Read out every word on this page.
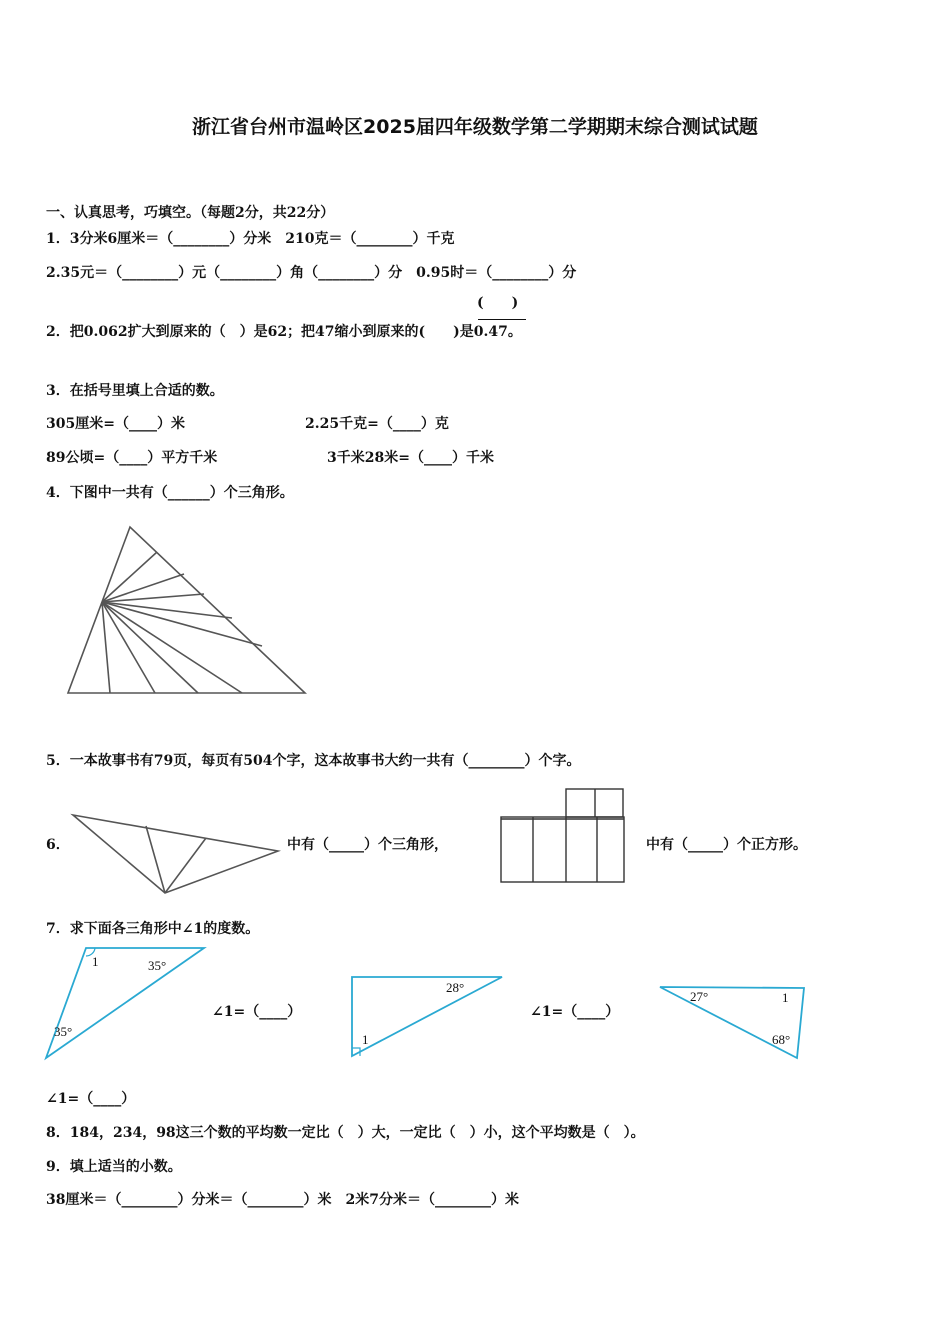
浙江省台州市温岭区2025届四年级数学第二学期期末综合测试试题
一、认真思考，巧填空。（每题2分，共22分）
1．3分米6厘米＝（________）分米　210克＝（________）千克
2.35元＝（________）元（________）角（________）分　0.95时＝（________）分
(　　)
2．把0.062扩大到原来的（　）是62；把47缩小到原来的(　　)是0.47。
3．在括号里填上合适的数。
305厘米=（____）米	2.25千克=（____）克
89公顷=（____）平方千米	3千米28米=（____）千米
4．下图中一共有（______）个三角形。
5．一本故事书有79页，每页有504个字，这本故事书大约一共有（________）个字。
6．	中有（_____）个三角形，	中有（_____）个正方形。
7．求下面各三角形中∠1的度数。
1	35°
35°
∠1=（____）
28°
1
∠1=（____）
27°	1
68°
∠1=（____）
8．184，234，98这三个数的平均数一定比（　）大，一定比（　）小，这个平均数是（　）。
9．填上适当的小数。
38厘米＝（________）分米＝（________）米　2米7分米＝（________）米
